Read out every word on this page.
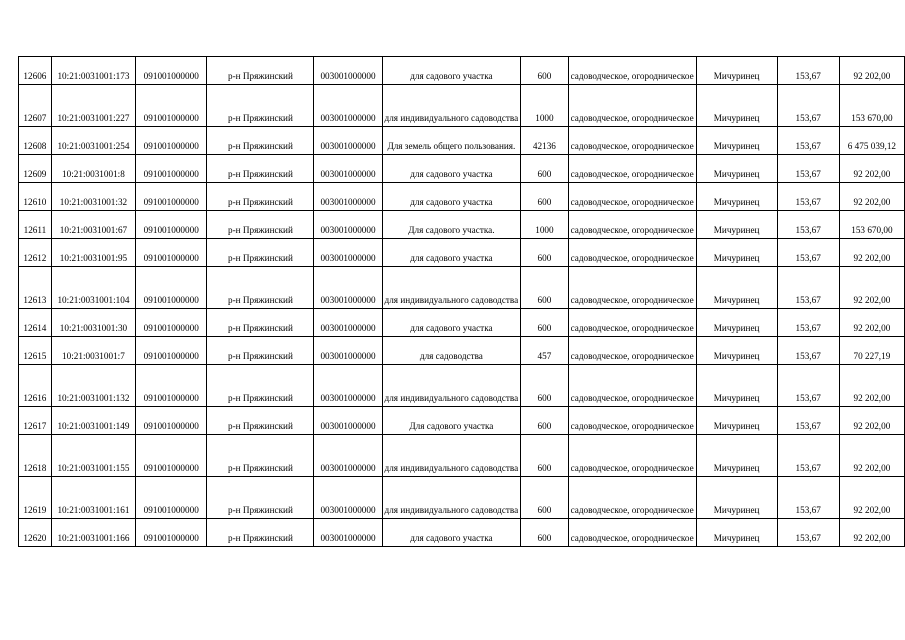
12606	10:21:0031001:173	091001000000	р-н Пряжинский	003001000000	для садового участка	600	садоводческое, огородническое	Мичуринец	153,67	92 202,00
12607	10:21:0031001:227	091001000000	р-н Пряжинский	003001000000	для индивидуального садоводства	1000	садоводческое, огородническое	Мичуринец	153,67	153 670,00
12608	10:21:0031001:254	091001000000	р-н Пряжинский	003001000000	Для земель общего пользования.	42136	садоводческое, огородническое	Мичуринец	153,67	6 475 039,12
12609	10:21:0031001:8	091001000000	р-н Пряжинский	003001000000	для садового участка	600	садоводческое, огородническое	Мичуринец	153,67	92 202,00
12610	10:21:0031001:32	091001000000	р-н Пряжинский	003001000000	для садового участка	600	садоводческое, огородническое	Мичуринец	153,67	92 202,00
12611	10:21:0031001:67	091001000000	р-н Пряжинский	003001000000	Для садового участка.	1000	садоводческое, огородническое	Мичуринец	153,67	153 670,00
12612	10:21:0031001:95	091001000000	р-н Пряжинский	003001000000	для садового участка	600	садоводческое, огородническое	Мичуринец	153,67	92 202,00
12613	10:21:0031001:104	091001000000	р-н Пряжинский	003001000000	для индивидуального садоводства	600	садоводческое, огородническое	Мичуринец	153,67	92 202,00
12614	10:21:0031001:30	091001000000	р-н Пряжинский	003001000000	для садового участка	600	садоводческое, огородническое	Мичуринец	153,67	92 202,00
12615	10:21:0031001:7	091001000000	р-н Пряжинский	003001000000	для садоводства	457	садоводческое, огородническое	Мичуринец	153,67	70 227,19
12616	10:21:0031001:132	091001000000	р-н Пряжинский	003001000000	для индивидуального садоводства	600	садоводческое, огородническое	Мичуринец	153,67	92 202,00
12617	10:21:0031001:149	091001000000	р-н Пряжинский	003001000000	Для садового участка	600	садоводческое, огородническое	Мичуринец	153,67	92 202,00
12618	10:21:0031001:155	091001000000	р-н Пряжинский	003001000000	для индивидуального садоводства	600	садоводческое, огородническое	Мичуринец	153,67	92 202,00
12619	10:21:0031001:161	091001000000	р-н Пряжинский	003001000000	для индивидуального садоводства	600	садоводческое, огородническое	Мичуринец	153,67	92 202,00
12620	10:21:0031001:166	091001000000	р-н Пряжинский	003001000000	для садового участка	600	садоводческое, огородническое	Мичуринец	153,67	92 202,00
